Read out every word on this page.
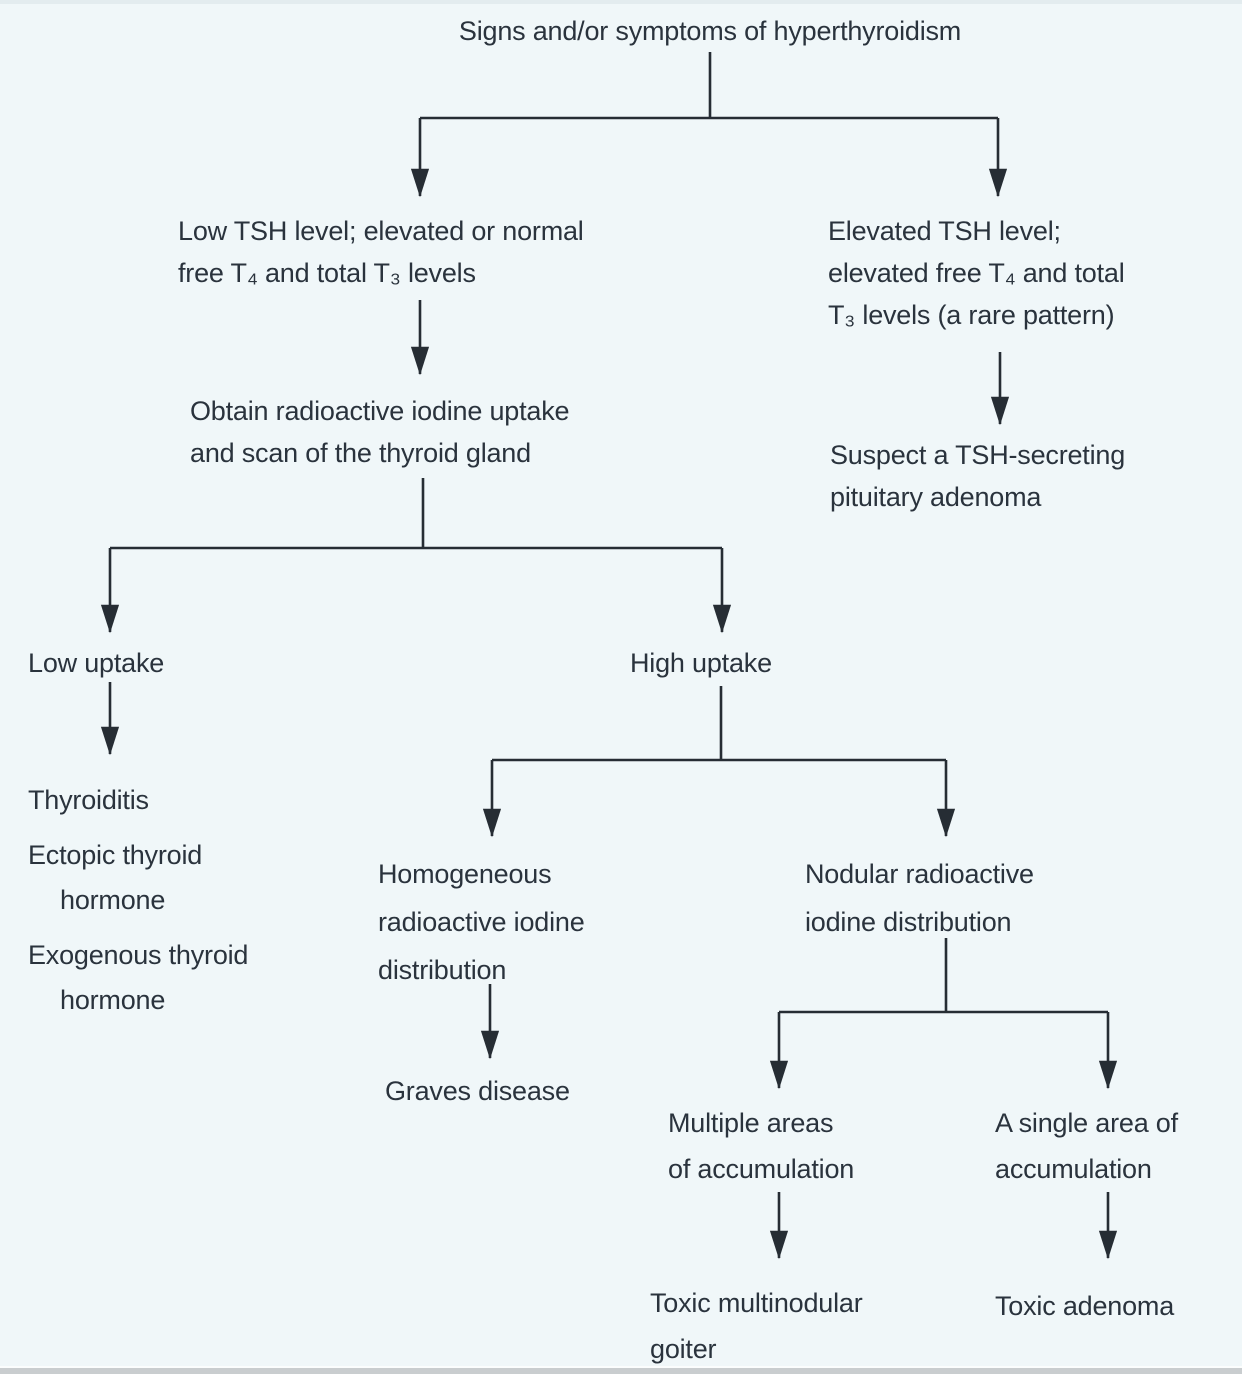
Signs and/or symptoms of hyperthyroidism
Low TSH level; elevated or normal
free T₄ and total T₃ levels
Elevated TSH level;
elevated free T₄ and total
T₃ levels (a rare pattern)
Obtain radioactive iodine uptake
and scan of the thyroid gland	Suspect a TSH-secreting
pituitary adenoma
Low uptake	High uptake
Thyroiditis
Ectopic thyroid
hormone
Exogenous thyroid
hormone
Homogeneous
radioactive iodine
distribution
Nodular radioactive
iodine distribution
Graves disease
Multiple areas
of accumulation
A single area of
accumulation
Toxic multinodular
goiter
Toxic adenoma
